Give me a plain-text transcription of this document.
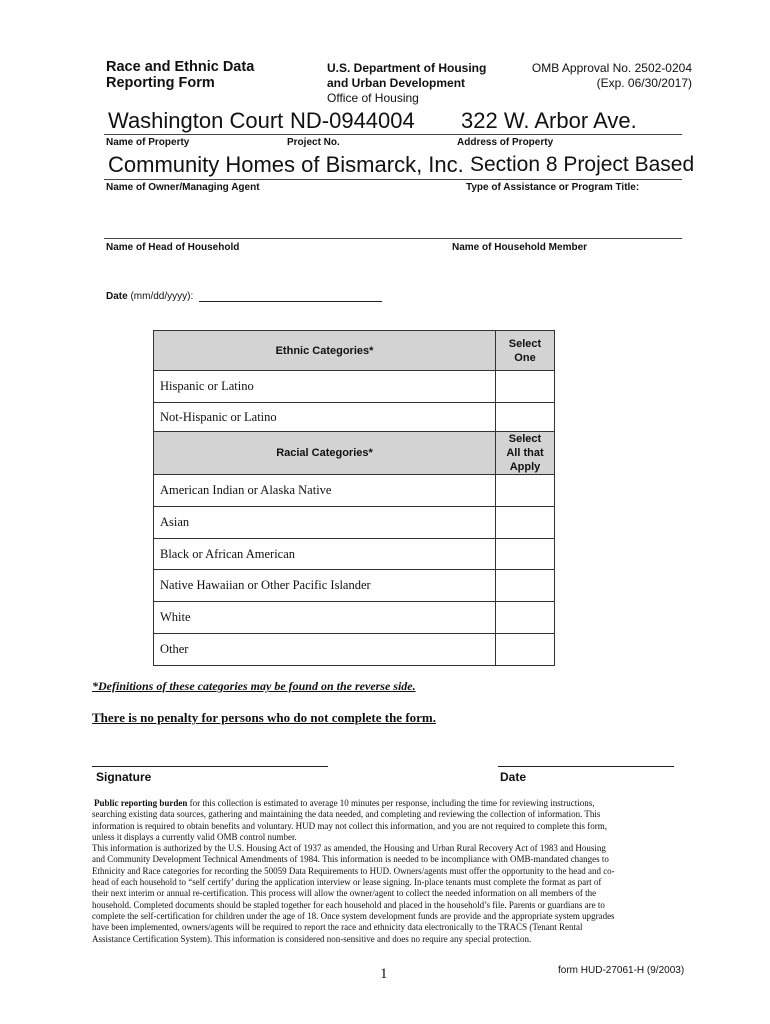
Race and Ethnic Data
Reporting Form
U.S. Department of Housing
and Urban Development
Office of Housing
OMB Approval No. 2502-0204
(Exp. 06/30/2017)
Washington Court ND-0944004 322 W. Arbor Ave.
Name of Property	Project No.	Address of Property
Community Homes of Bismarck, Inc. Section 8 Project Based
Name of Owner/Managing Agent	Type of Assistance or Program Title:
Name of Head of Household	Name of Household Member
Date (mm/dd/yyyy):
Ethnic Categories*	Select
One

Hispanic or Latino	
Not-Hispanic or Latino	
Racial Categories*	Select
All that
Apply

American Indian or Alaska Native	
Asian	
Black or African American	
Native Hawaiian or Other Pacific Islander	
White	
Other	
*Definitions of these categories may be found on the reverse side.
There is no penalty for persons who do not complete the form.
Signature	Date
Public reporting burden for this collection is estimated to average 10 minutes per response, including the time for reviewing instructions,
searching existing data sources, gathering and maintaining the data needed, and completing and reviewing the collection of information. This
information is required to obtain benefits and voluntary. HUD may not collect this information, and you are not required to complete this form,
unless it displays a currently valid OMB control number.
This information is authorized by the U.S. Housing Act of 1937 as amended, the Housing and Urban Rural Recovery Act of 1983 and Housing
and Community Development Technical Amendments of 1984. This information is needed to be incompliance with OMB-mandated changes to
Ethnicity and Race categories for recording the 50059 Data Requirements to HUD. Owners/agents must offer the opportunity to the head and co-
head of each household to “self certify’ during the application interview or lease signing. In-place tenants must complete the format as part of
their next interim or annual re-certification. This process will allow the owner/agent to collect the needed information on all members of the
household. Completed documents should be stapled together for each household and placed in the household’s file. Parents or guardians are to
complete the self-certification for children under the age of 18. Once system development funds are provide and the appropriate system upgrades
have been implemented, owners/agents will be required to report the race and ethnicity data electronically to the TRACS (Tenant Rental
Assistance Certification System). This information is considered non-sensitive and does no require any special protection.
1	form HUD-27061-H (9/2003)
